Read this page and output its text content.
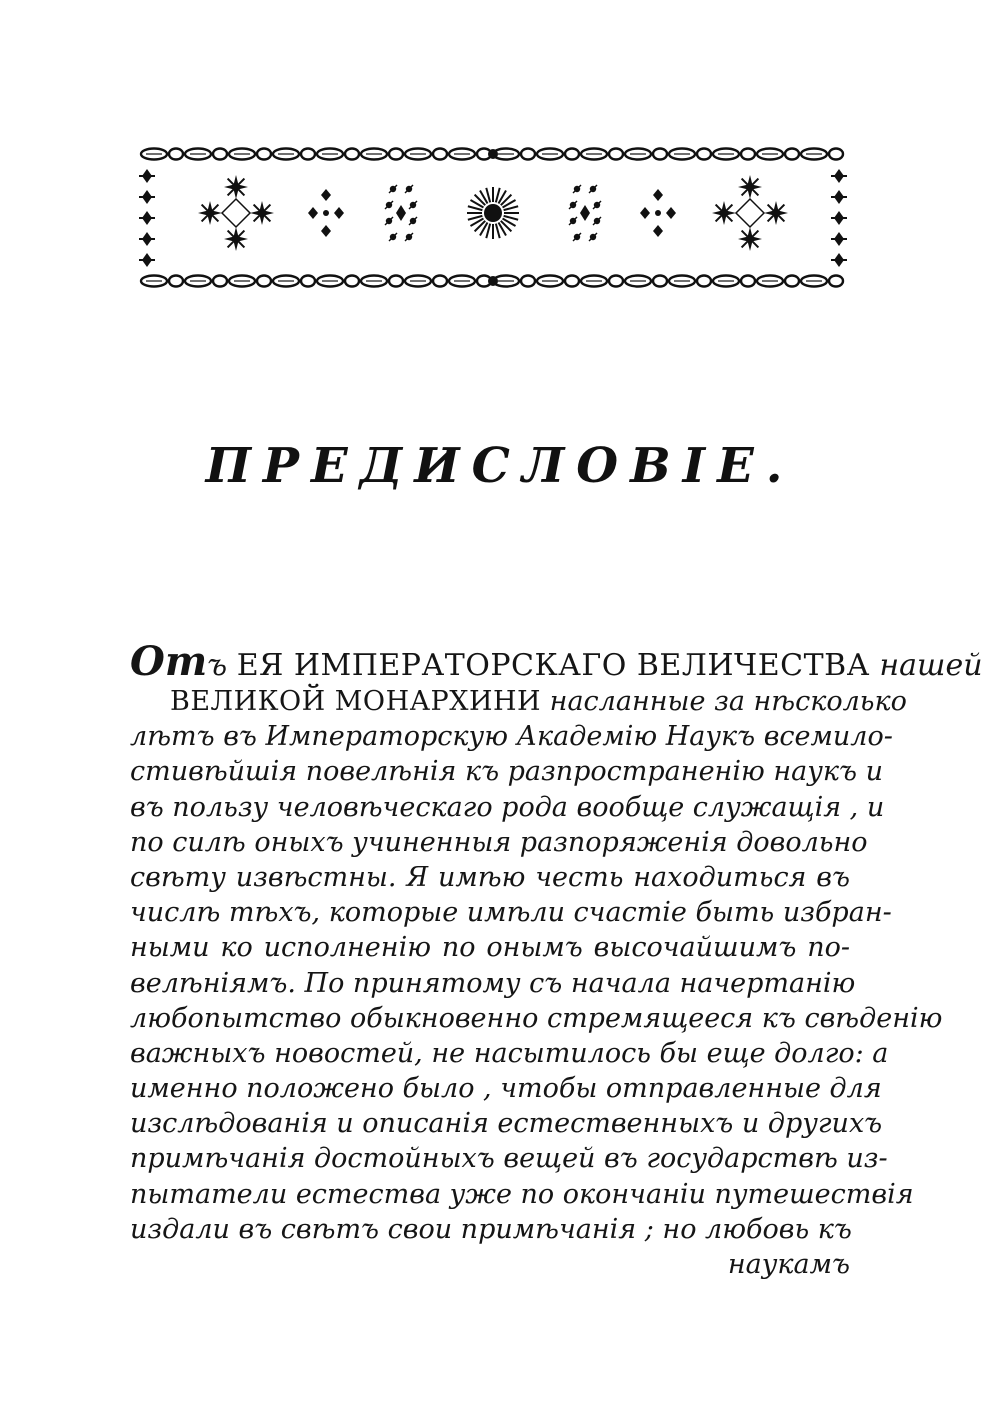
ПРЕДИСЛОВІЕ.
Отъ ЕЯ ИМПЕРАТОРСКАГО ВЕЛИЧЕСТВА нашей
ВЕЛИКОЙ МОНАРХИНИ насланные за нѣсколько
лѣтъ въ Императорскую Академію Наукъ всемило-
стивѣйшія повелѣнія къ разпространенію наукъ и
въ пользу человѣческаго рода вообще служащія , и
по силѣ оныхъ учиненныя разпоряженія довольно
свѣту извѣстны. Я имѣю честь находиться въ
числѣ тѣхъ, которые имѣли счастіе быть избран-
ными ко исполненію по онымъ высочайшимъ по-
велѣніямъ. По принятому съ начала начертанію
любопытство обыкновенно стремящееся къ свѣденію
важныхъ новостей, не насытилось бы еще долго: а
именно положено было , чтобы отправленные для
изслѣдованія и описанія естественныхъ и другихъ
примѣчанія достойныхъ вещей въ государствѣ из-
пытатели естества уже по окончаніи путешествія
издали въ свѣтъ свои примѣчанія ; но любовь къ
наукамъ
